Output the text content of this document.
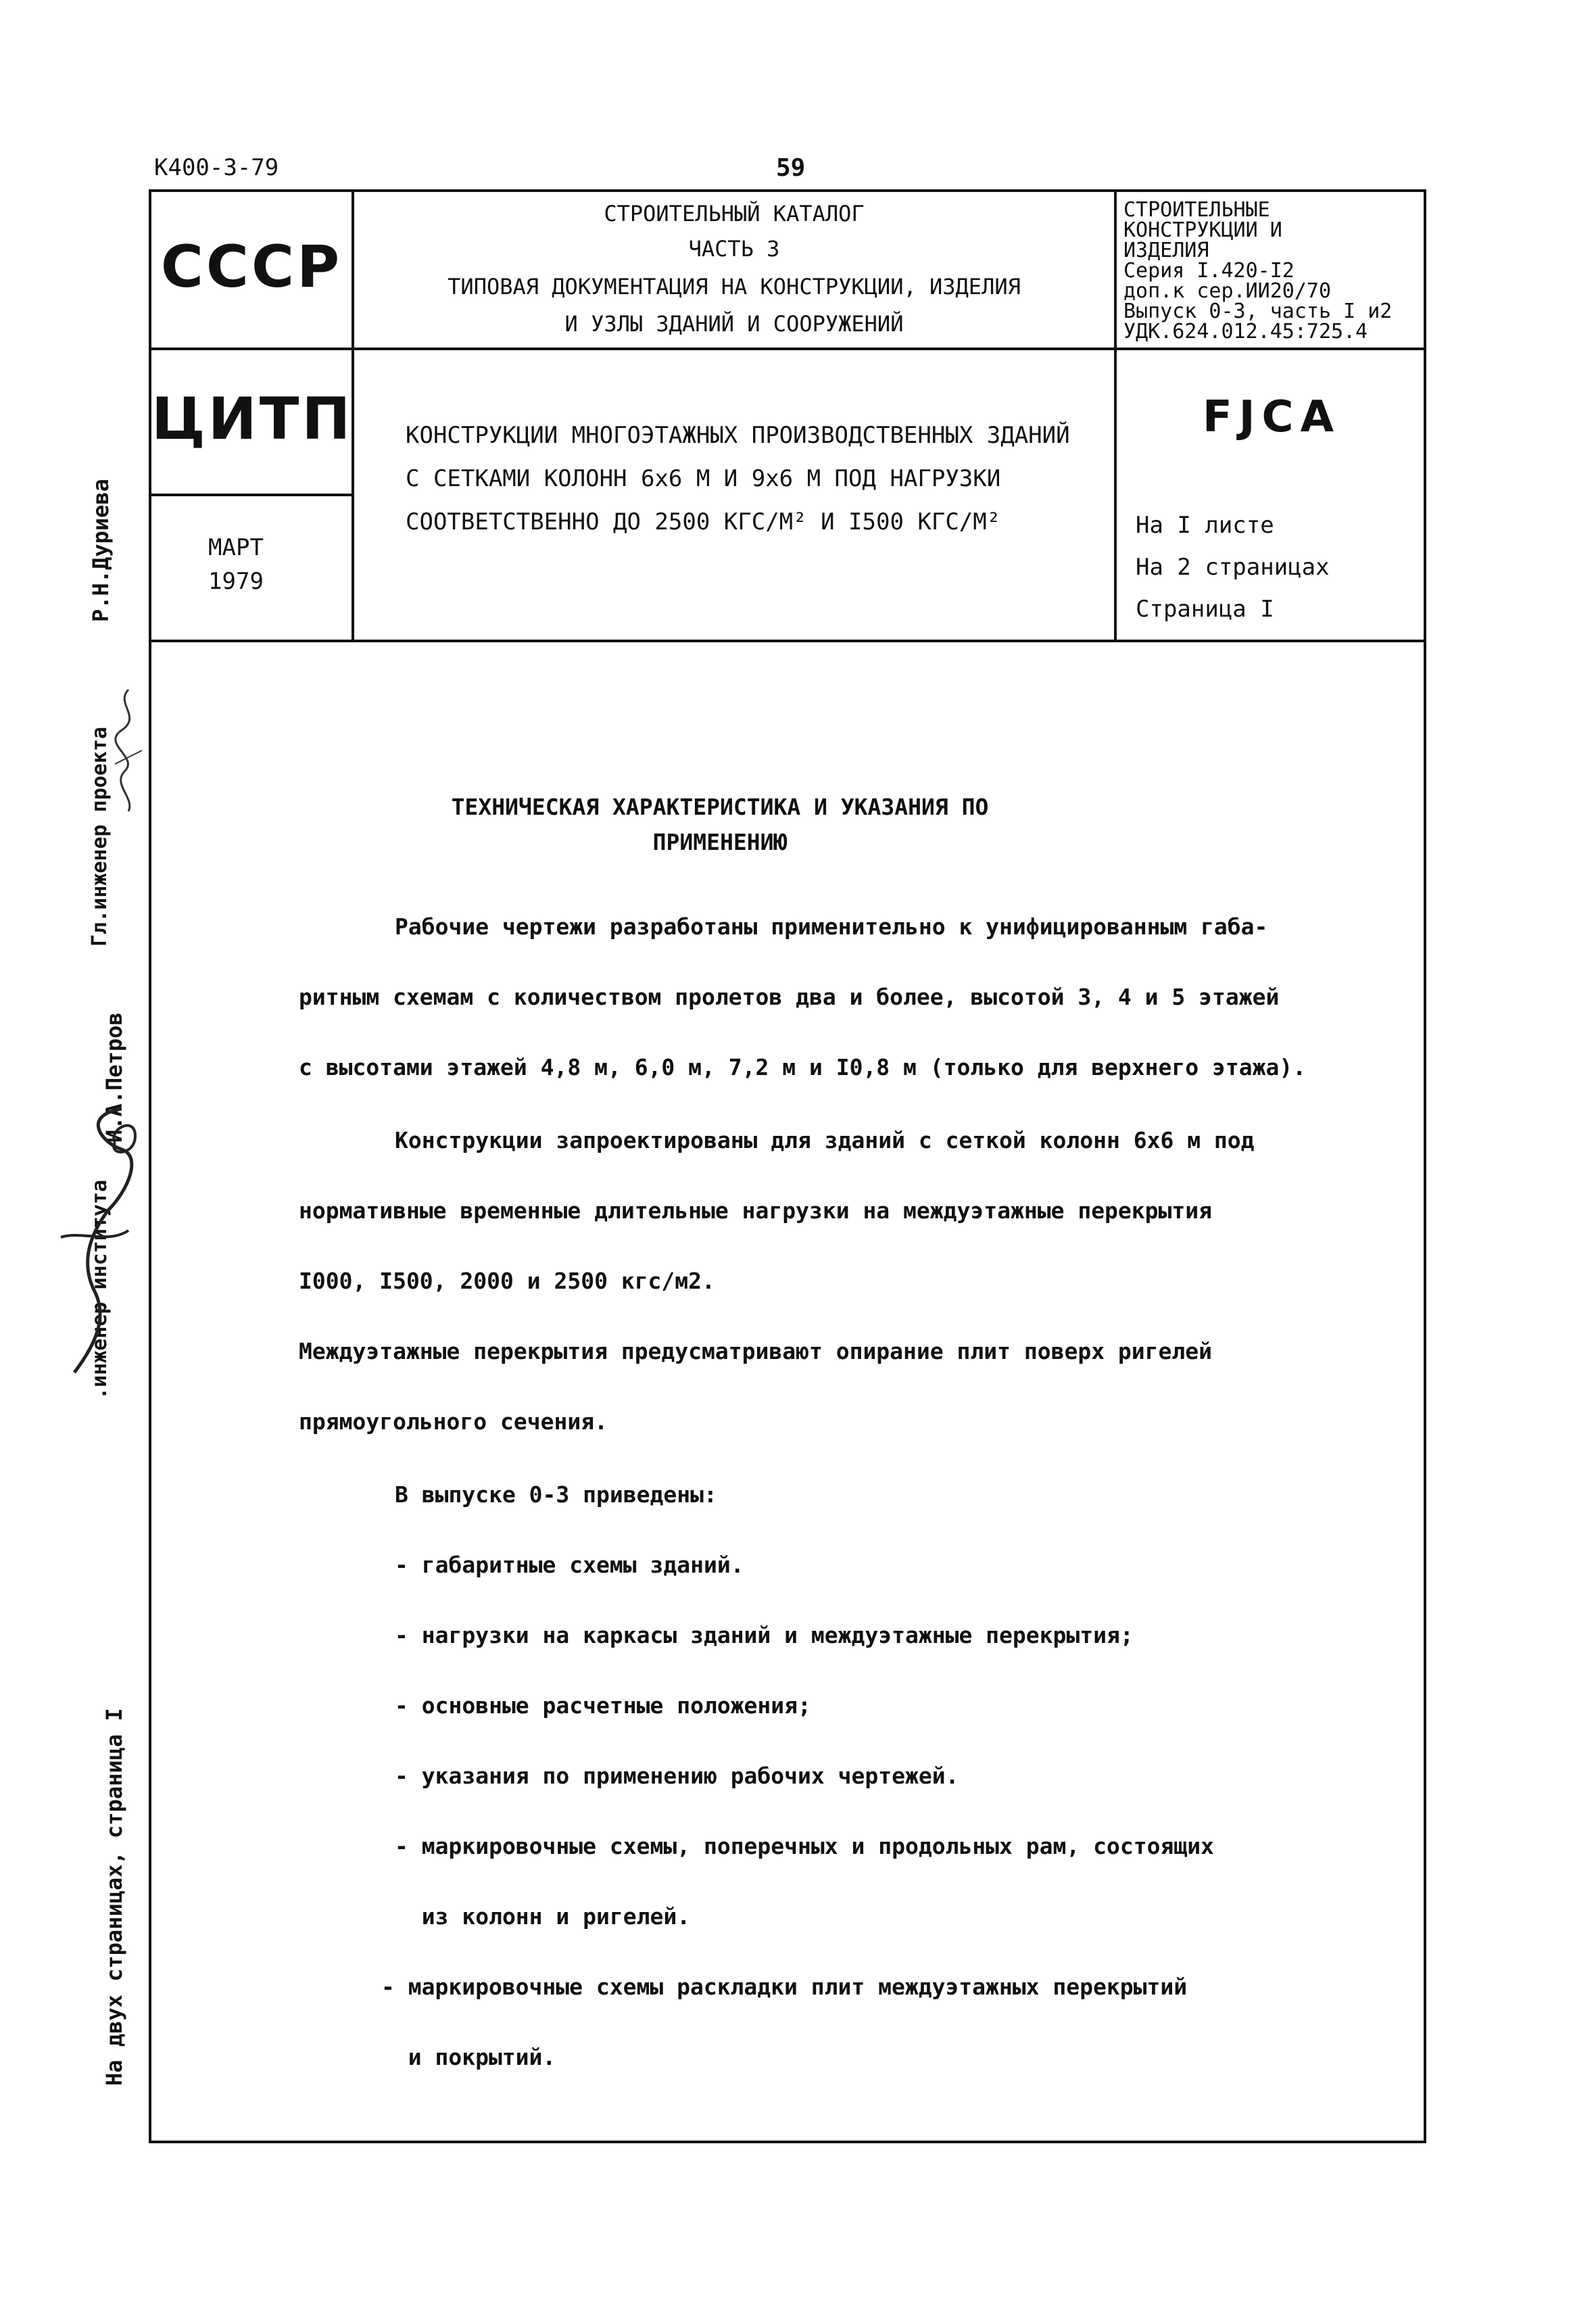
К400-3-79	59
СССР
ЦИТП
МАРТ
1979
СТРОИТЕЛЬНЫЙ КАТАЛОГ
ЧАСТЬ 3
ТИПОВАЯ ДОКУМЕНТАЦИЯ НА КОНСТРУКЦИИ, ИЗДЕЛИЯ
И УЗЛЫ ЗДАНИЙ И СООРУЖЕНИЙ
СТРОИТЕЛЬНЫЕ
КОНСТРУКЦИИ И
ИЗДЕЛИЯ
Серия I.420-I2
доп.к сер.ИИ20/70
Выпуск 0-3, часть I и2
УДК.624.012.45:725.4
КОНСТРУКЦИИ МНОГОЭТАЖНЫХ ПРОИЗВОДСТВЕННЫХ ЗДАНИЙ
С СЕТКАМИ КОЛОНН 6х6 М И 9х6 М ПОД НАГРУЗКИ
СООТВЕТСТВЕННО ДО 2500 КГС/М² И I500 КГС/М²
FJCA
На I листе
На 2 страницах
Страница I
Р.Н.Дуриева
Гл.инженер проекта
И.А.Петров
.инженер института
На двух страницах, страница I
ТЕХНИЧЕСКАЯ ХАРАКТЕРИСТИКА И УКАЗАНИЯ ПО
ПРИМЕНЕНИЮ

Рабочие чертежи разработаны применительно к унифицированным габа-

ритным схемам с количеством пролетов два и более, высотой 3, 4 и 5 этажей

с высотами этажей 4,8 м, 6,0 м, 7,2 м и I0,8 м (только для верхнего этажа).

Конструкции запроектированы для зданий с сеткой колонн 6х6 м под

нормативные временные длительные нагрузки на междуэтажные перекрытия

I000, I500, 2000 и 2500 кгс/м2.

Междуэтажные перекрытия предусматривают опирание плит поверх ригелей

прямоугольного сечения.

В выпуске 0-3 приведены:

- габаритные схемы зданий.

- нагрузки на каркасы зданий и междуэтажные перекрытия;

- основные расчетные положения;

- указания по применению рабочих чертежей.

- маркировочные схемы, поперечных и продольных рам, состоящих

из колонн и ригелей.

- маркировочные схемы раскладки плит междуэтажных перекрытий

и покрытий.
